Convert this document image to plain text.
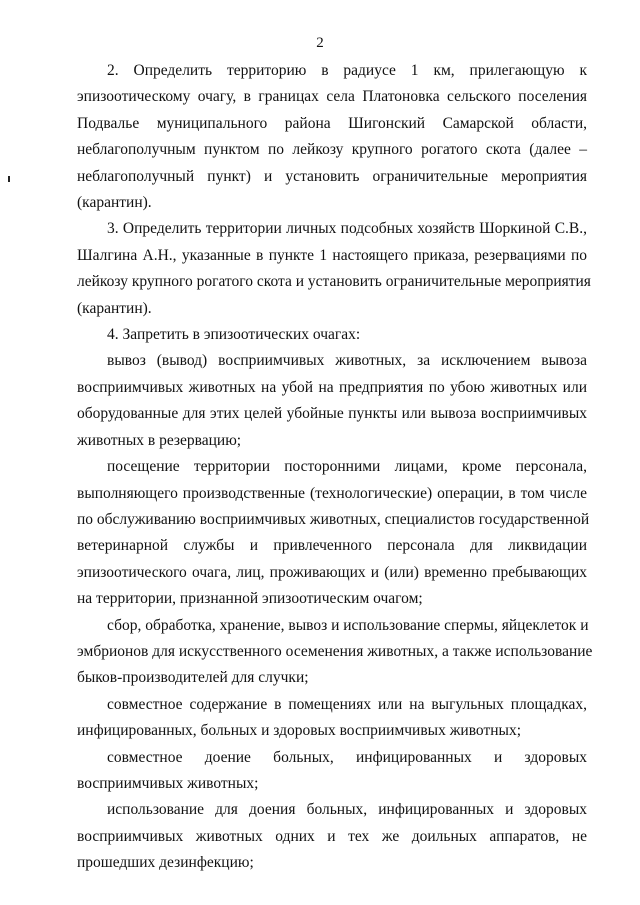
2

2. Определить территорию в радиусе 1 км, прилегающую к
эпизоотическому очагу, в границах села Платоновка сельского поселения
Подвалье муниципального района Шигонский Самарской области,
неблагополучным пунктом по лейкозу крупного рогатого скота (далее –
неблагополучный пункт) и установить ограничительные мероприятия
(карантин).

3. Определить территории личных подсобных хозяйств Шоркиной С.В.,
Шалгина А.Н., указанные в пункте 1 настоящего приказа, резервациями по
лейкозу крупного рогатого скота и установить ограничительные мероприятия
(карантин).

4. Запретить в эпизоотических очагах:

вывоз (вывод) восприимчивых животных, за исключением вывоза
восприимчивых животных на убой на предприятия по убою животных или
оборудованные для этих целей убойные пункты или вывоза восприимчивых
животных в резервацию;

посещение территории посторонними лицами, кроме персонала,
выполняющего производственные (технологические) операции, в том числе
по обслуживанию восприимчивых животных, специалистов государственной
ветеринарной службы и привлеченного персонала для ликвидации
эпизоотического очага, лиц, проживающих и (или) временно пребывающих
на территории, признанной эпизоотическим очагом;

сбор, обработка, хранение, вывоз и использование спермы, яйцеклеток и
эмбрионов для искусственного осеменения животных, а также использование
быков-производителей для случки;

совместное содержание в помещениях или на выгульных площадках,
инфицированных, больных и здоровых восприимчивых животных;

совместное доение больных, инфицированных и здоровых
восприимчивых животных;

использование для доения больных, инфицированных и здоровых
восприимчивых животных одних и тех же доильных аппаратов, не
прошедших дезинфекцию;
